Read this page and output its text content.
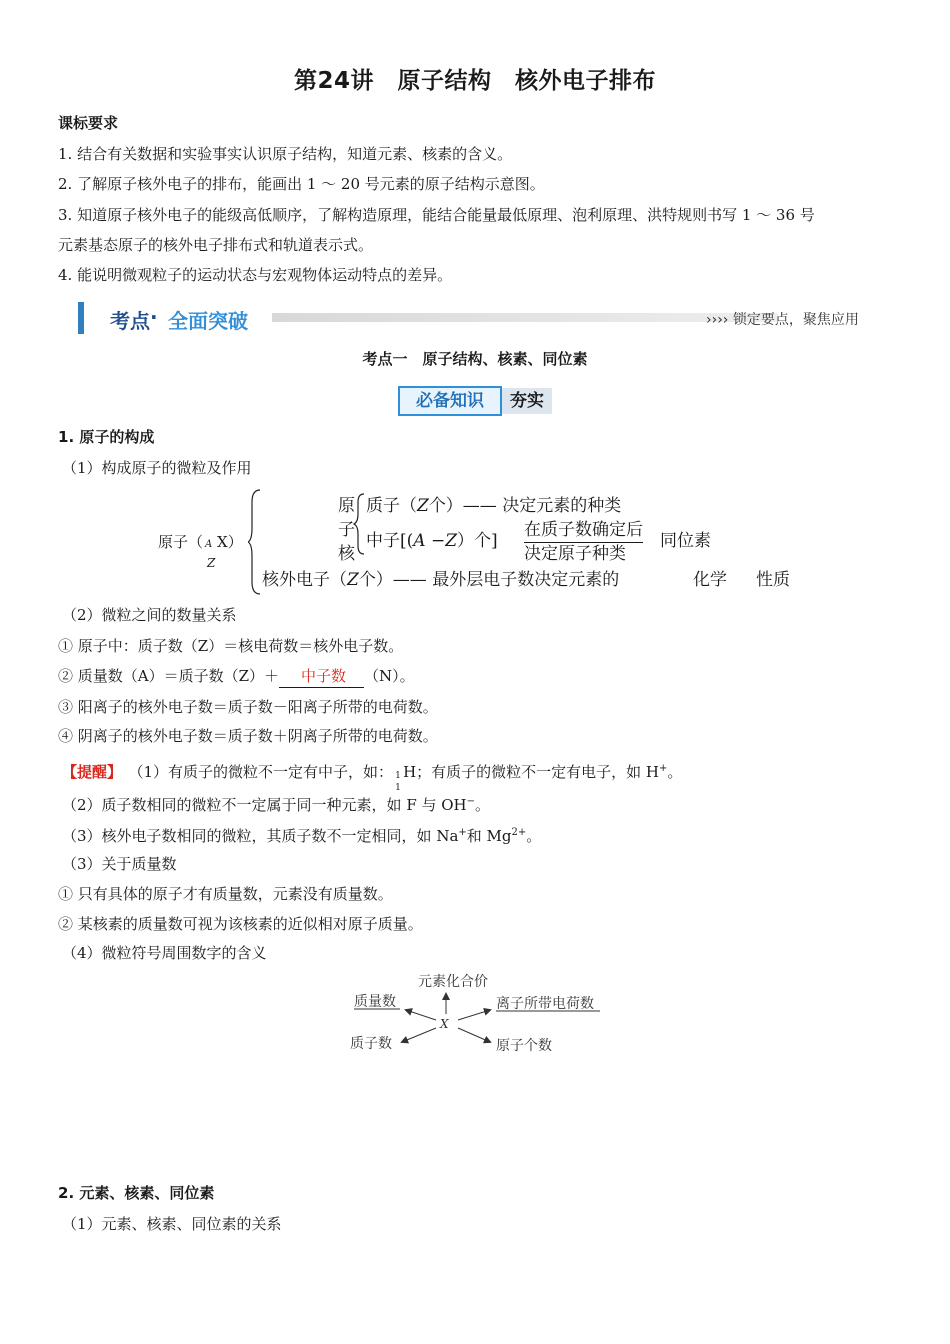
第24讲　原子结构　核外电子排布
课标要求
1. 结合有关数据和实验事实认识原子结构，知道元素、核素的含义。
2. 了解原子核外电子的排布，能画出 1 ～ 20 号元素的原子结构示意图。
3. 知道原子核外电子的能级高低顺序，了解构造原理，能结合能量最低原理、泡利原理、洪特规则书写 1 ～ 36 号
元素基态原子的核外电子排布式和轨道表示式。
4. 能说明微观粒子的运动状态与宏观物体运动特点的差异。
考点 · 全面突破	›››› 锁定要点，聚焦应用
考点一　原子结构、核素、同位素
必备知识	夯实
1. 原子的构成
（1）构成原子的微粒及作用
原子（ A
Z
X）
原
子
核
质子（Z个）—— 决定元素的种类
中子[(A −Z）个]
在质子数确定后
决定原子种类
同位素
核外电子（Z个）—— 最外层电子数决定元素的	化学 性质
（2）微粒之间的数量关系
① 原子中：质子数（Z）＝核电荷数＝核外电子数。
② 质量数（A）＝质子数（Z）＋ 中子数 （N）。
③ 阳离子的核外电子数＝质子数－阳离子所带的电荷数。
④ 阴离子的核外电子数＝质子数＋阴离子所带的电荷数。
【提醒】 （1）有质子的微粒不一定有中子，如： 1
1
H；有质子的微粒不一定有电子，如 H+。
（2）质子数相同的微粒不一定属于同一种元素，如 F 与 OH−。
（3）核外电子数相同的微粒，其质子数不一定相同，如 Na+和 $Mg^{2+}$。
（3）关于质量数
① 只有具体的原子才有质量数，元素没有质量数。
② 某核素的质量数可视为该核素的近似相对原子质量。
（4）微粒符号周围数字的含义
元素化合价
质量数	离子所带电荷数
质子数	原子个数
X
2. 元素、核素、同位素
（1）元素、核素、同位素的关系
